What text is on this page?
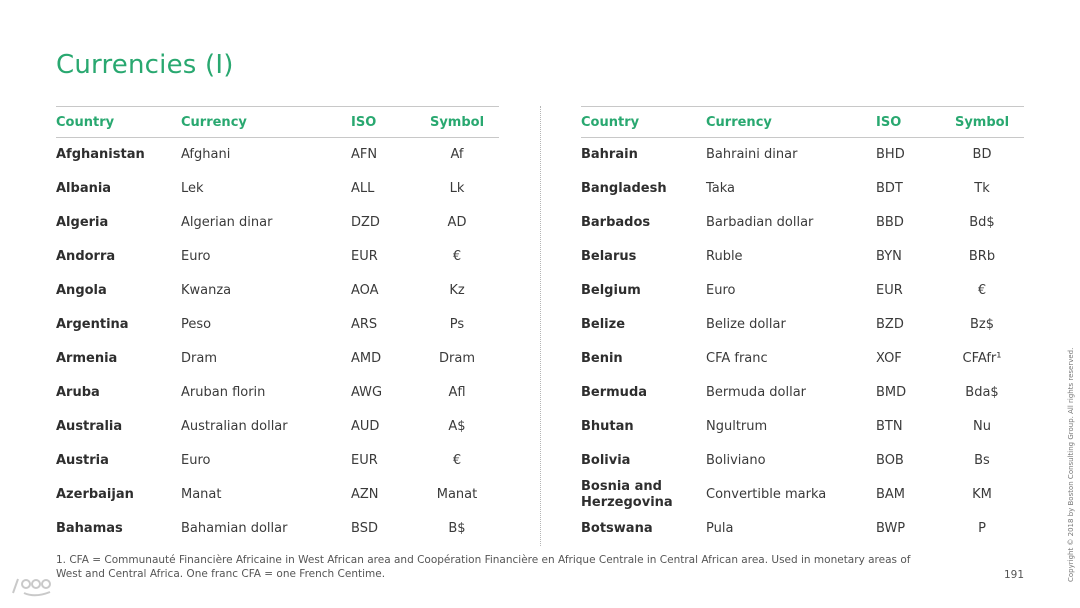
Currencies (I)
Country	Currency	ISO	Symbol
Afghanistan	Afghani	AFN	Af
Albania	Lek	ALL	Lk
Algeria	Algerian dinar	DZD	AD
Andorra	Euro	EUR	€
Angola	Kwanza	AOA	Kz
Argentina	Peso	ARS	Ps
Armenia	Dram	AMD	Dram
Aruba	Aruban florin	AWG	Afl
Australia	Australian dollar	AUD	A$
Austria	Euro	EUR	€
Azerbaijan	Manat	AZN	Manat
Bahamas	Bahamian dollar	BSD	B$
Country	Currency	ISO	Symbol
Bahrain	Bahraini dinar	BHD	BD
Bangladesh	Taka	BDT	Tk
Barbados	Barbadian dollar	BBD	Bd$
Belarus	Ruble	BYN	BRb
Belgium	Euro	EUR	€
Belize	Belize dollar	BZD	Bz$
Benin	CFA franc	XOF	CFAfr¹
Bermuda	Bermuda dollar	BMD	Bda$
Bhutan	Ngultrum	BTN	Nu
Bolivia	Boliviano	BOB	Bs
Bosnia and Herzegovina	Convertible marka	BAM	KM
Botswana	Pula	BWP	P

1. CFA = Communauté Financière Africaine in West African area and Coopération Financière en Afrique Centrale in Central African area. Used in monetary areas of West and Central Africa. One franc CFA = one French Centime.	191	Copyright © 2018 by Boston Consulting Group. All rights reserved.
